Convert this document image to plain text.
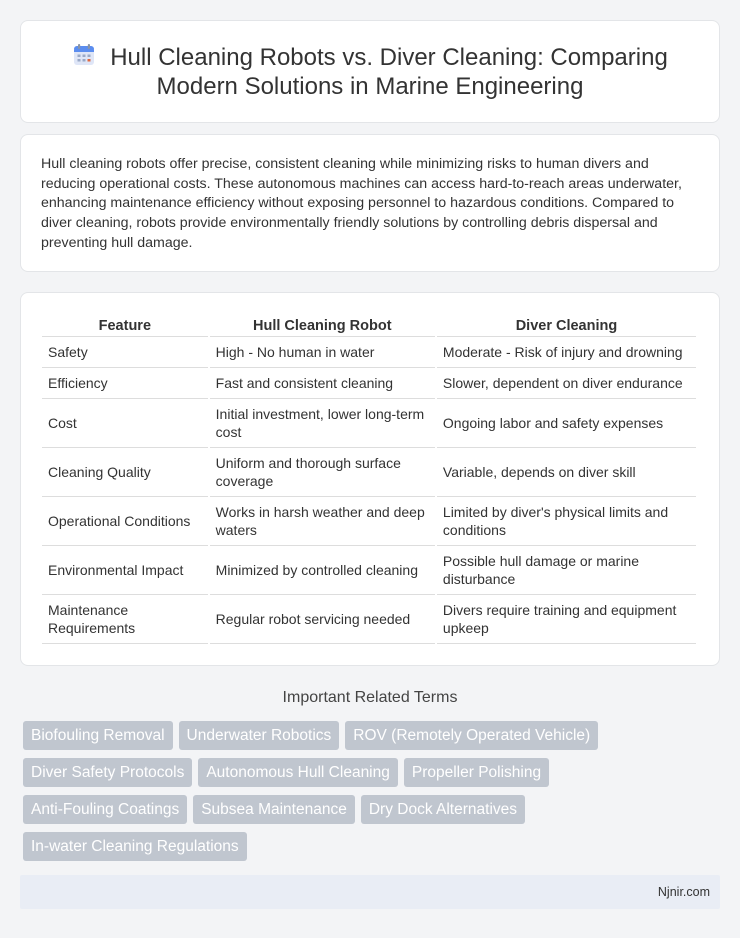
Hull Cleaning Robots vs. Diver Cleaning: Comparing Modern Solutions in Marine Engineering

Hull cleaning robots offer precise, consistent cleaning while minimizing risks to human divers and reducing operational costs. These autonomous machines can access hard-to-reach areas underwater, enhancing maintenance efficiency without exposing personnel to hazardous conditions. Compared to diver cleaning, robots provide environmentally friendly solutions by controlling debris dispersal and preventing hull damage.

Feature	Hull Cleaning Robot	Diver Cleaning
Safety	High - No human in water	Moderate - Risk of injury and drowning
Efficiency	Fast and consistent cleaning	Slower, dependent on diver endurance
Cost	Initial investment, lower long-term cost	Ongoing labor and safety expenses
Cleaning Quality	Uniform and thorough surface coverage	Variable, depends on diver skill
Operational Conditions	Works in harsh weather and deep waters	Limited by diver's physical limits and conditions
Environmental Impact	Minimized by controlled cleaning	Possible hull damage or marine disturbance
Maintenance Requirements	Regular robot servicing needed	Divers require training and equipment upkeep
Important Related Terms
Biofouling Removal	Underwater Robotics	ROV (Remotely Operated Vehicle)
Diver Safety Protocols	Autonomous Hull Cleaning	Propeller Polishing
Anti-Fouling Coatings	Subsea Maintenance	Dry Dock Alternatives
In-water Cleaning Regulations
Njnir.com
